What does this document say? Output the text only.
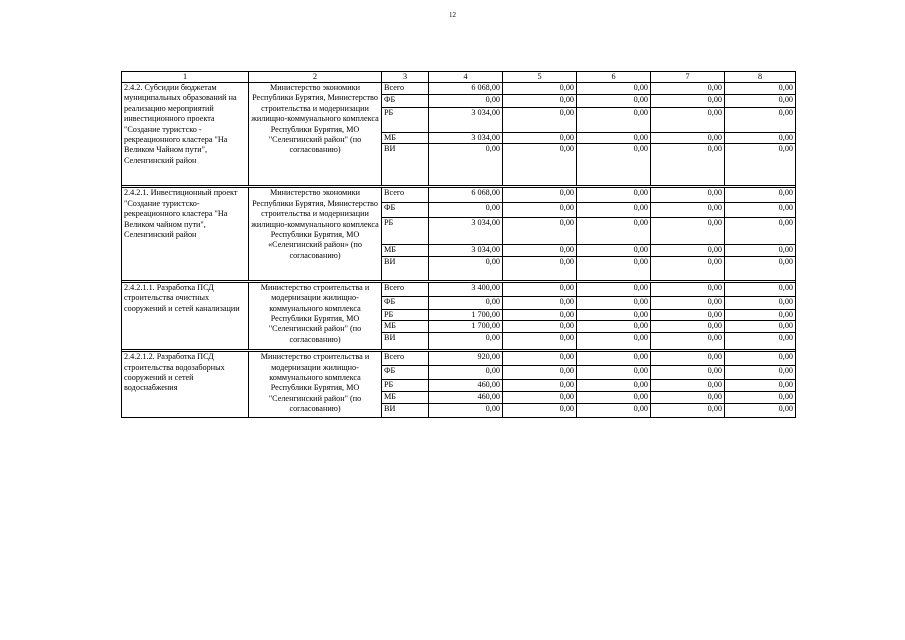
12
1	2	3	4	5	6	7	8
2.4.2. Субсидии бюджетам муниципальных образований на реализацию мероприятий инвестиционного проекта "Создание туристско - рекреационного кластера "На Великом Чайном пути", Селенгинский район	Министерство экономики Республики Бурятия, Министерство строительства и модернизации жилищно-коммунального комплекса Республики Бурятия, МО "Селенгинский район" (по согласованию)	Всего	6 068,00	0,00	0,00	0,00	0,00
		ФБ	0,00	0,00	0,00	0,00	0,00
		РБ	3 034,00	0,00	0,00	0,00	0,00
		МБ	3 034,00	0,00	0,00	0,00	0,00
		ВИ	0,00	0,00	0,00	0,00	0,00

2.4.2.1. Инвестиционный проект "Создание туристско-рекреационного кластера "На Великом чайном пути", Селенгинский район	Министерство экономики Республики Бурятия, Министерство строительства и модернизации жилищно-коммунального комплекса Республики Бурятия, МО «Селенгинский район» (по согласованию)	Всего	6 068,00	0,00	0,00	0,00	0,00
		ФБ	0,00	0,00	0,00	0,00	0,00
		РБ	3 034,00	0,00	0,00	0,00	0,00
		МБ	3 034,00	0,00	0,00	0,00	0,00
		ВИ	0,00	0,00	0,00	0,00	0,00

2.4.2.1.1. Разработка ПСД строительства очистных сооружений и сетей канализации	Министерство строительства и модернизации жилищно-коммунального комплекса Республики Бурятия, МО "Селенгинский район" (по согласованию)	Всего	3 400,00	0,00	0,00	0,00	0,00
		ФБ	0,00	0,00	0,00	0,00	0,00
		РБ	1 700,00	0,00	0,00	0,00	0,00
		МБ	1 700,00	0,00	0,00	0,00	0,00
		ВИ	0,00	0,00	0,00	0,00	0,00

2.4.2.1.2. Разработка ПСД строительства водозаборных сооружений и сетей водоснабжения	Министерство строительства и модернизации жилищно-коммунального комплекса Республики Бурятия, МО "Селенгинский район" (по согласованию)	Всего	920,00	0,00	0,00	0,00	0,00
		ФБ	0,00	0,00	0,00	0,00	0,00
		РБ	460,00	0,00	0,00	0,00	0,00
		МБ	460,00	0,00	0,00	0,00	0,00
		ВИ	0,00	0,00	0,00	0,00	0,00
